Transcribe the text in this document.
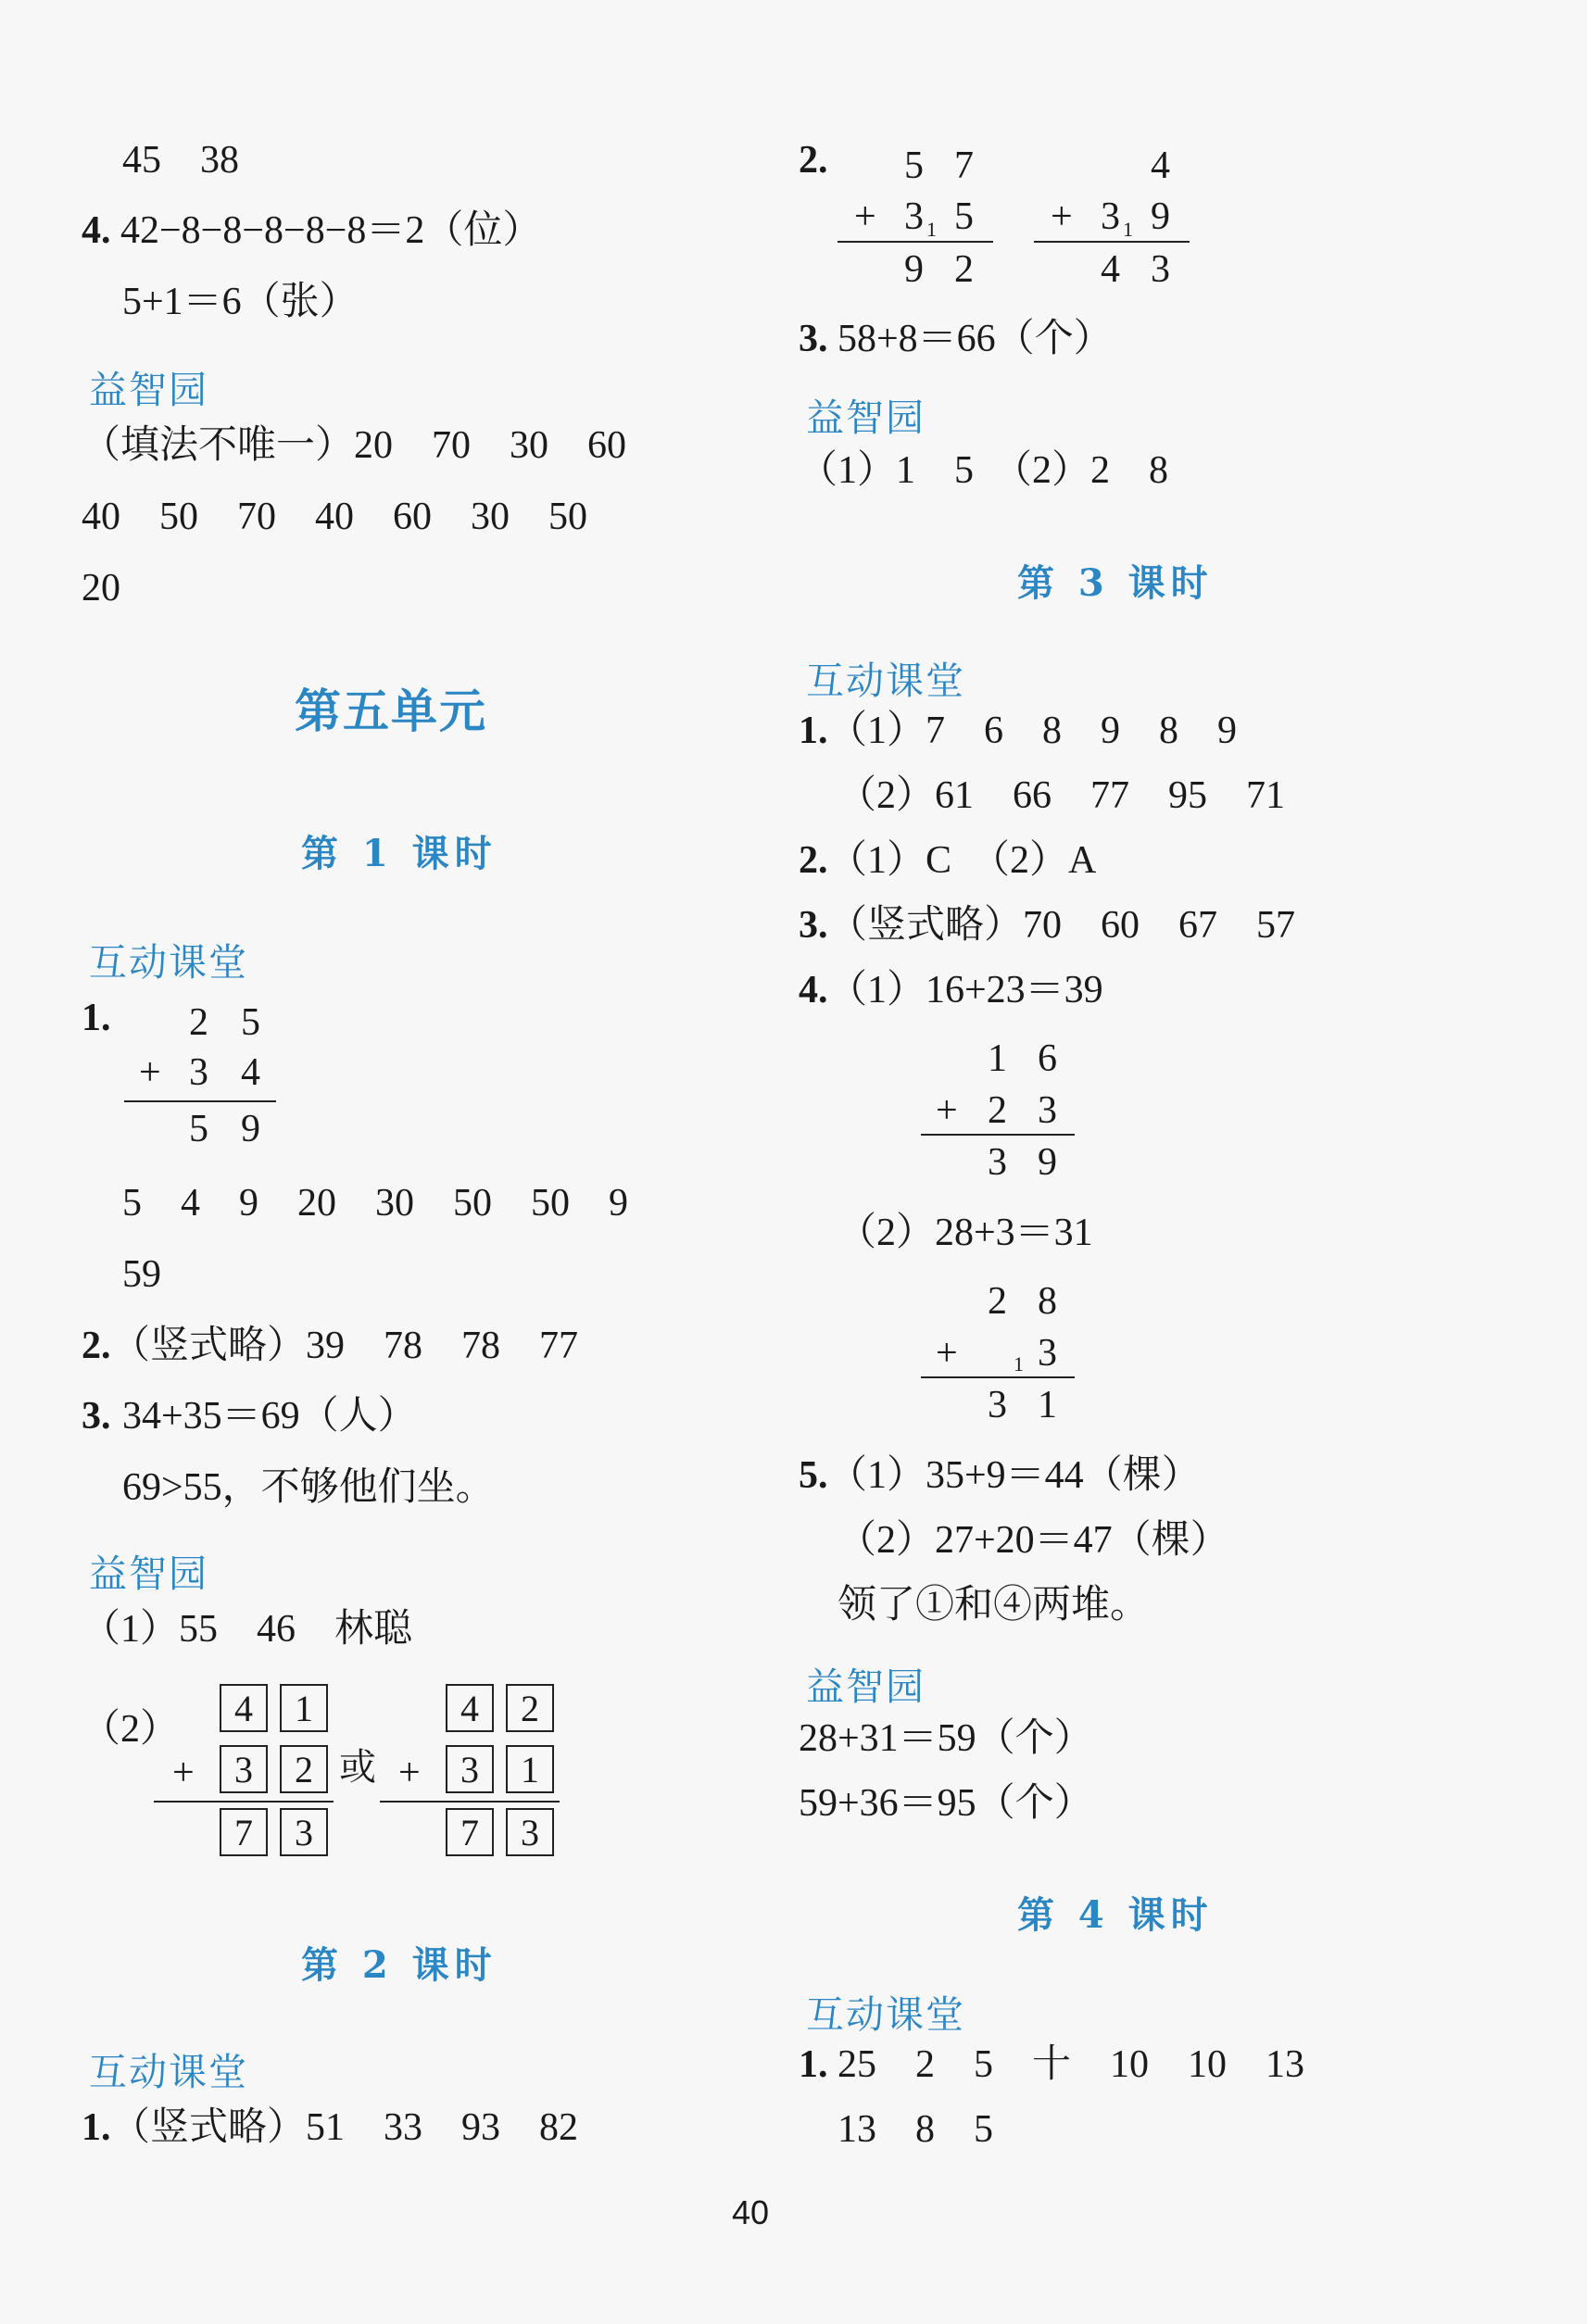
45　38
4. 42−8−8−8−8−8＝2（位）
5+1＝6（张）
益智园
（填法不唯一）20　70　30　60
40　50　70　40　60　30　50
20
第五单元
第 1 课时
互动课堂
1. 2 5
+ 3 4
5 9
5　4　9　20　30　50　50　9
59
2. （竖式略）39　78　78　77
3. 34+35＝69（人）
69>55，不够他们坐。
益智园
（1）55　46　林聪
（2）	4	1
+	3	2
7	3
或
4	2
+	3	1
7	3
第 2 课时
互动课堂
1. （竖式略）51　33　93　82
2. 5 7
+ 3 1 5
9 2
4
+ 3 1 9
4 3
3. 58+8＝66（个）
益智园
（1）1　5　（2）2　8
第 3 课时
互动课堂
1. （1）7　6　8　9　8　9
（2）61　66　77　95　71
2. （1）C　（2）A
3. （竖式略）70　60　67　57
4. （1）16+23＝39
1 6
+ 2 3
3 9
（2）28+3＝31
2 8
+	1 3
3 1
5. （1）35+9＝44（棵）
（2）27+20＝47（棵）
领了①和④两堆。
益智园
28+31＝59（个）
59+36＝95（个）
第 4 课时
互动课堂
1. 25　2　5　十　10　10　13
13　8　5
40
